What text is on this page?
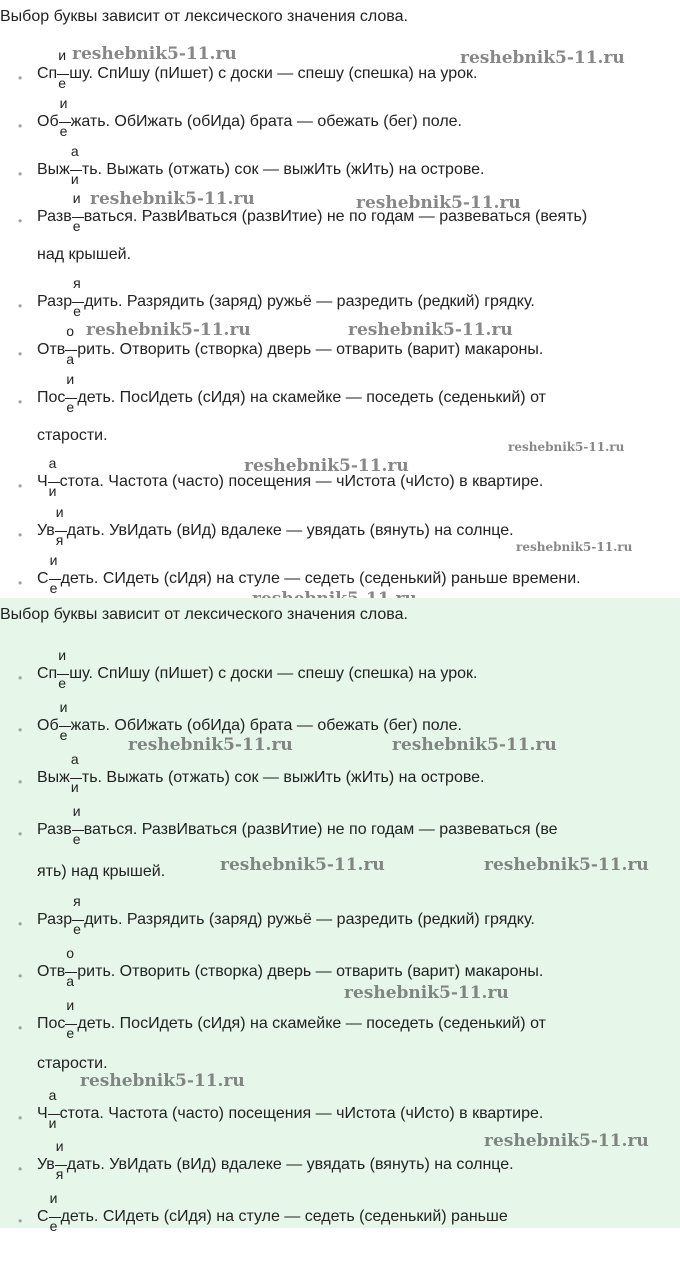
Выбор буквы зависит от лексического значения слова.
• Сп
и
е
шу. СпИшу (пИшет) с доски — спешу (спешка) на урок.
• Об
и
е
жать. ОбИжать (обИда) брата — обежать (бег) поле.
• Выж
а
и
ть. Выжать (отжать) сок — выжИть (жИть) на острове.
• Разв
и
е
ваться. РазвИваться (развИтие) не по годам — развеваться (веять)
над крышей.
• Разр
я
е
дить. Разрядить (заряд) ружьё — разредить (редкий) грядку.
• Отв
о
а
рить. Отворить (створка) дверь — отварить (варит) макароны.
• Пос
и
е
деть. ПосИдеть (сИдя) на скамейке — поседеть (седенький) от
старости.
• Ч
а
и
стота. Частота (часто) посещения — чИстота (чИсто) в квартире.
• Ув
и
я
дать. УвИдать (вИд) вдалеке — увядать (вянуть) на солнце.
• С
и
е
деть. СИдеть (сИдя) на стуле — седеть (седенький) раньше времени.
reshebnik5-11.ru	reshebnik5-11.ru
reshebnik5-11.ru	reshebnik5-11.ru
reshebnik5-11.ru	reshebnik5-11.ru
reshebnik5-11.ru
reshebnik5-11.ru
reshebnik5-11.ru
Выбор буквы зависит от лексического значения слова.
• Сп
и
е
шу. СпИшу (пИшет) с доски — спешу (спешка) на урок.
• Об
и
е
жать. ОбИжать (обИда) брата — обежать (бег) поле.
• Выж
а
и
ть. Выжать (отжать) сок — выжИть (жИть) на острове.
• Разв
и
е
ваться. РазвИваться (развИтие) не по годам — развеваться (ве
ять) над крышей.
• Разр
я
е
дить. Разрядить (заряд) ружьё — разредить (редкий) грядку.
• Отв
о
а
рить. Отворить (створка) дверь — отварить (варит) макароны.
• Пос
и
е
деть. ПосИдеть (сИдя) на скамейке — поседеть (седенький) от
старости.
• Ч
а
и
стота. Частота (часто) посещения — чИстота (чИсто) в квартире.
• Ув
и
я
дать. УвИдать (вИд) вдалеке — увядать (вянуть) на солнце.
• С
и
е
деть. СИдеть (сИдя) на стуле — седеть (седенький) раньше
reshebnik5-11.ru	reshebnik5-11.ru
reshebnik5-11.ru	reshebnik5-11.ru
reshebnik5-11.ru
reshebnik5-11.ru
reshebnik5-11.ru
